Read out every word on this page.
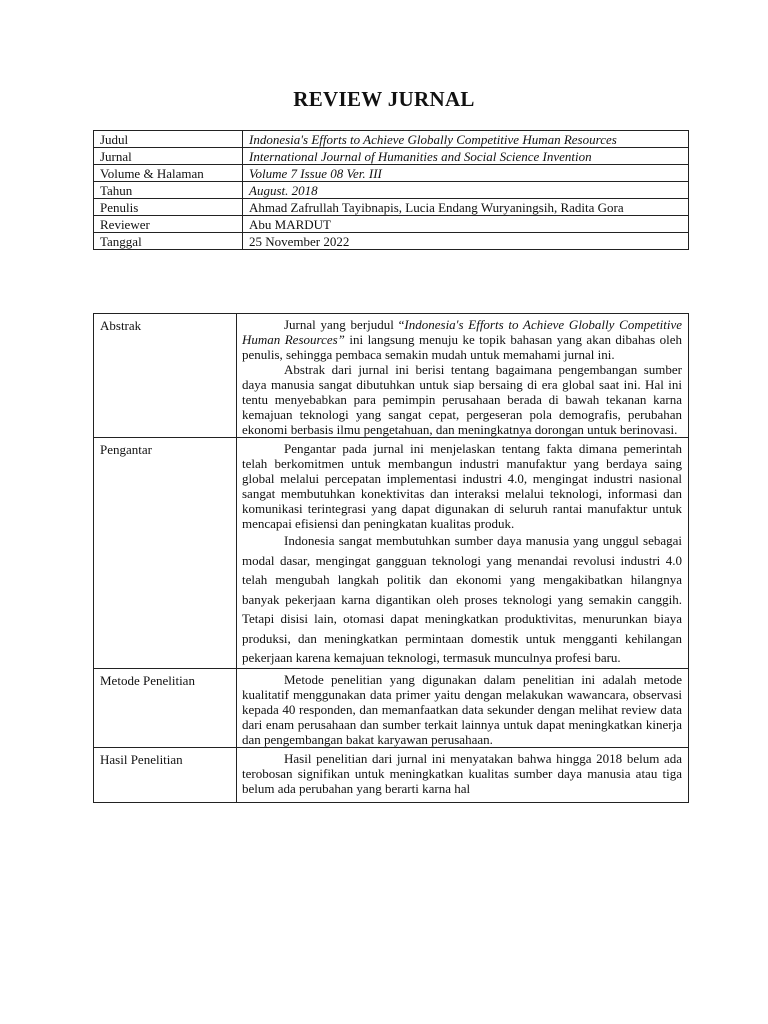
REVIEW JURNAL
Judul	Indonesia's Efforts to Achieve Globally Competitive Human Resources
Jurnal	International Journal of Humanities and Social Science Invention
Volume & Halaman	Volume 7 Issue 08 Ver. III
Tahun	August. 2018
Penulis	Ahmad Zafrullah Tayibnapis, Lucia Endang Wuryaningsih, Radita Gora
Reviewer	Abu MARDUT
Tanggal	25 November 2022
Abstrak	Jurnal yang berjudul “Indonesia's Efforts to Achieve Globally Competitive Human Resources” ini langsung menuju ke topik bahasan yang akan dibahas oleh penulis, sehingga pembaca semakin mudah untuk memahami jurnal ini.

Abstrak dari jurnal ini berisi tentang bagaimana pengembangan sumber daya manusia sangat dibutuhkan untuk siap bersaing di era global saat ini. Hal ini tentu menyebabkan para pemimpin perusahaan berada di bawah tekanan karna kemajuan teknologi yang sangat cepat, pergeseran pola demografis, perubahan ekonomi berbasis ilmu pengetahuan, dan meningkatnya dorongan untuk berinovasi.

Pengantar	Pengantar pada jurnal ini menjelaskan tentang fakta dimana pemerintah telah berkomitmen untuk membangun industri manufaktur yang berdaya saing global melalui percepatan implementasi industri 4.0, mengingat industri nasional sangat membutuhkan konektivitas dan interaksi melalui teknologi, informasi dan komunikasi terintegrasi yang dapat digunakan di seluruh rantai manufaktur untuk mencapai efisiensi dan peningkatan kualitas produk.

Indonesia sangat membutuhkan sumber daya manusia yang unggul sebagai modal dasar, mengingat gangguan teknologi yang menandai revolusi industri 4.0 telah mengubah langkah politik dan ekonomi yang mengakibatkan hilangnya banyak pekerjaan karna digantikan oleh proses teknologi yang semakin canggih. Tetapi disisi lain, otomasi dapat meningkatkan produktivitas, menurunkan biaya produksi, dan meningkatkan permintaan domestik untuk mengganti kehilangan pekerjaan karena kemajuan teknologi, termasuk munculnya profesi baru.

Metode Penelitian	Metode penelitian yang digunakan dalam penelitian ini adalah metode kualitatif menggunakan data primer yaitu dengan melakukan wawancara, observasi kepada 40 responden, dan memanfaatkan data sekunder dengan melihat review data dari enam perusahaan dan sumber terkait lainnya untuk dapat meningkatkan kinerja dan pengembangan bakat karyawan perusahaan.

Hasil Penelitian	Hasil penelitian dari jurnal ini menyatakan bahwa hingga 2018 belum ada terobosan signifikan untuk meningkatkan kualitas sumber daya manusia atau tiga belum ada perubahan yang berarti karna hal
